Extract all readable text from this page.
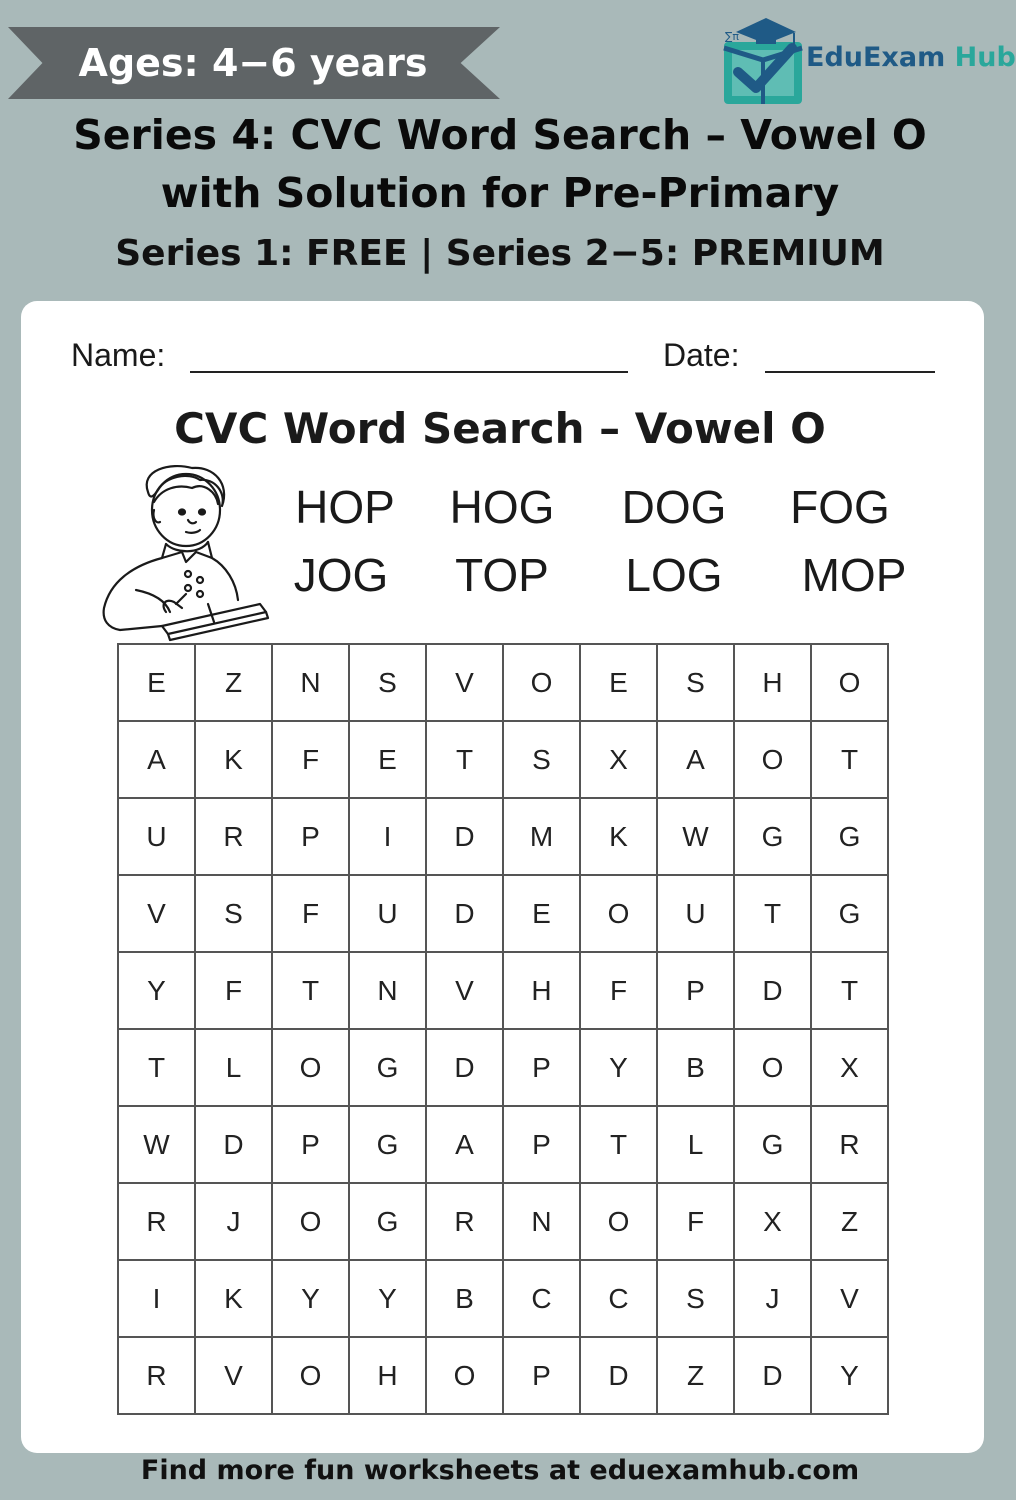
Ages: 4−6 years
∑π
EduExam Hub
Series 4: CVC Word Search – Vowel O
with Solution for Pre-Primary
Series 1: FREE | Series 2−5: PREMIUM
Name:	Date:
CVC Word Search – Vowel O
HOP	HOG	DOG	FOG
JOG	TOP	LOG	MOP
E	Z	N	S	V	O	E	S	H	O
A	K	F	E	T	S	X	A	O	T
U	R	P	I	D	M	K	W	G	G
V	S	F	U	D	E	O	U	T	G
Y	F	T	N	V	H	F	P	D	T
T	L	O	G	D	P	Y	B	O	X
W	D	P	G	A	P	T	L	G	R
R	J	O	G	R	N	O	F	X	Z
I	K	Y	Y	B	C	C	S	J	V
R	V	O	H	O	P	D	Z	D	Y
Find more fun worksheets at eduexamhub.com
